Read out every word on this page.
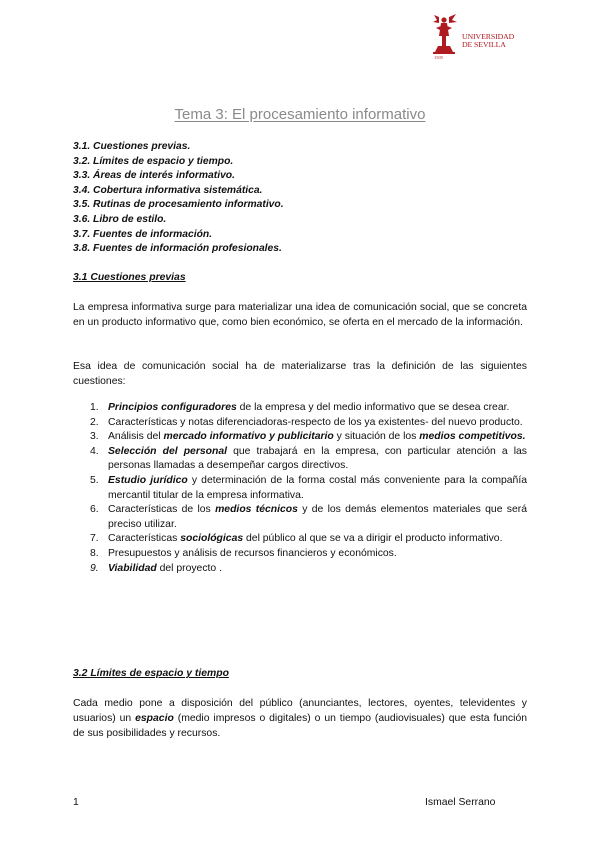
UNIVERSIDAD
DE SEVILLA
1505
Tema 3: El procesamiento informativo
3.1. Cuestiones previas.
3.2. Límites de espacio y tiempo.
3.3. Áreas de interés informativo.
3.4. Cobertura informativa sistemática.
3.5. Rutinas de procesamiento informativo.
3.6. Libro de estilo.
3.7. Fuentes de información.
3.8. Fuentes de información profesionales.
3.1 Cuestiones previas

La empresa informativa surge para materializar una idea de comunicación social, que se concreta en un producto informativo que, como bien económico, se oferta en el mercado de la información.

Esa idea de comunicación social ha de materializarse tras la definición de las siguientes cuestiones:

1. Principios configuradores de la empresa y del medio informativo que se desea crear.
2. Características y notas diferenciadoras-respecto de los ya existentes- del nuevo producto.
3. Análisis del mercado informativo y publicitario y situación de los medios competitivos.
4. Selección del personal que trabajará en la empresa, con particular atención a las personas llamadas a desempeñar cargos directivos.
5. Estudio jurídico y determinación de la forma costal más conveniente para la compañía mercantil titular de la empresa informativa.
6. Características de los medios técnicos y de los demás elementos materiales que será preciso utilizar.
7. Características sociológicas del público al que se va a dirigir el producto informativo.
8. Presupuestos y análisis de recursos financieros y económicos.
9. Viabilidad del proyecto .
3.2 Límites de espacio y tiempo

Cada medio pone a disposición del público (anunciantes, lectores, oyentes, televidentes y usuarios) un espacio (medio impresos o digitales) o un tiempo (audiovisuales) que esta función de sus posibilidades y recursos.

1	Ismael Serrano
